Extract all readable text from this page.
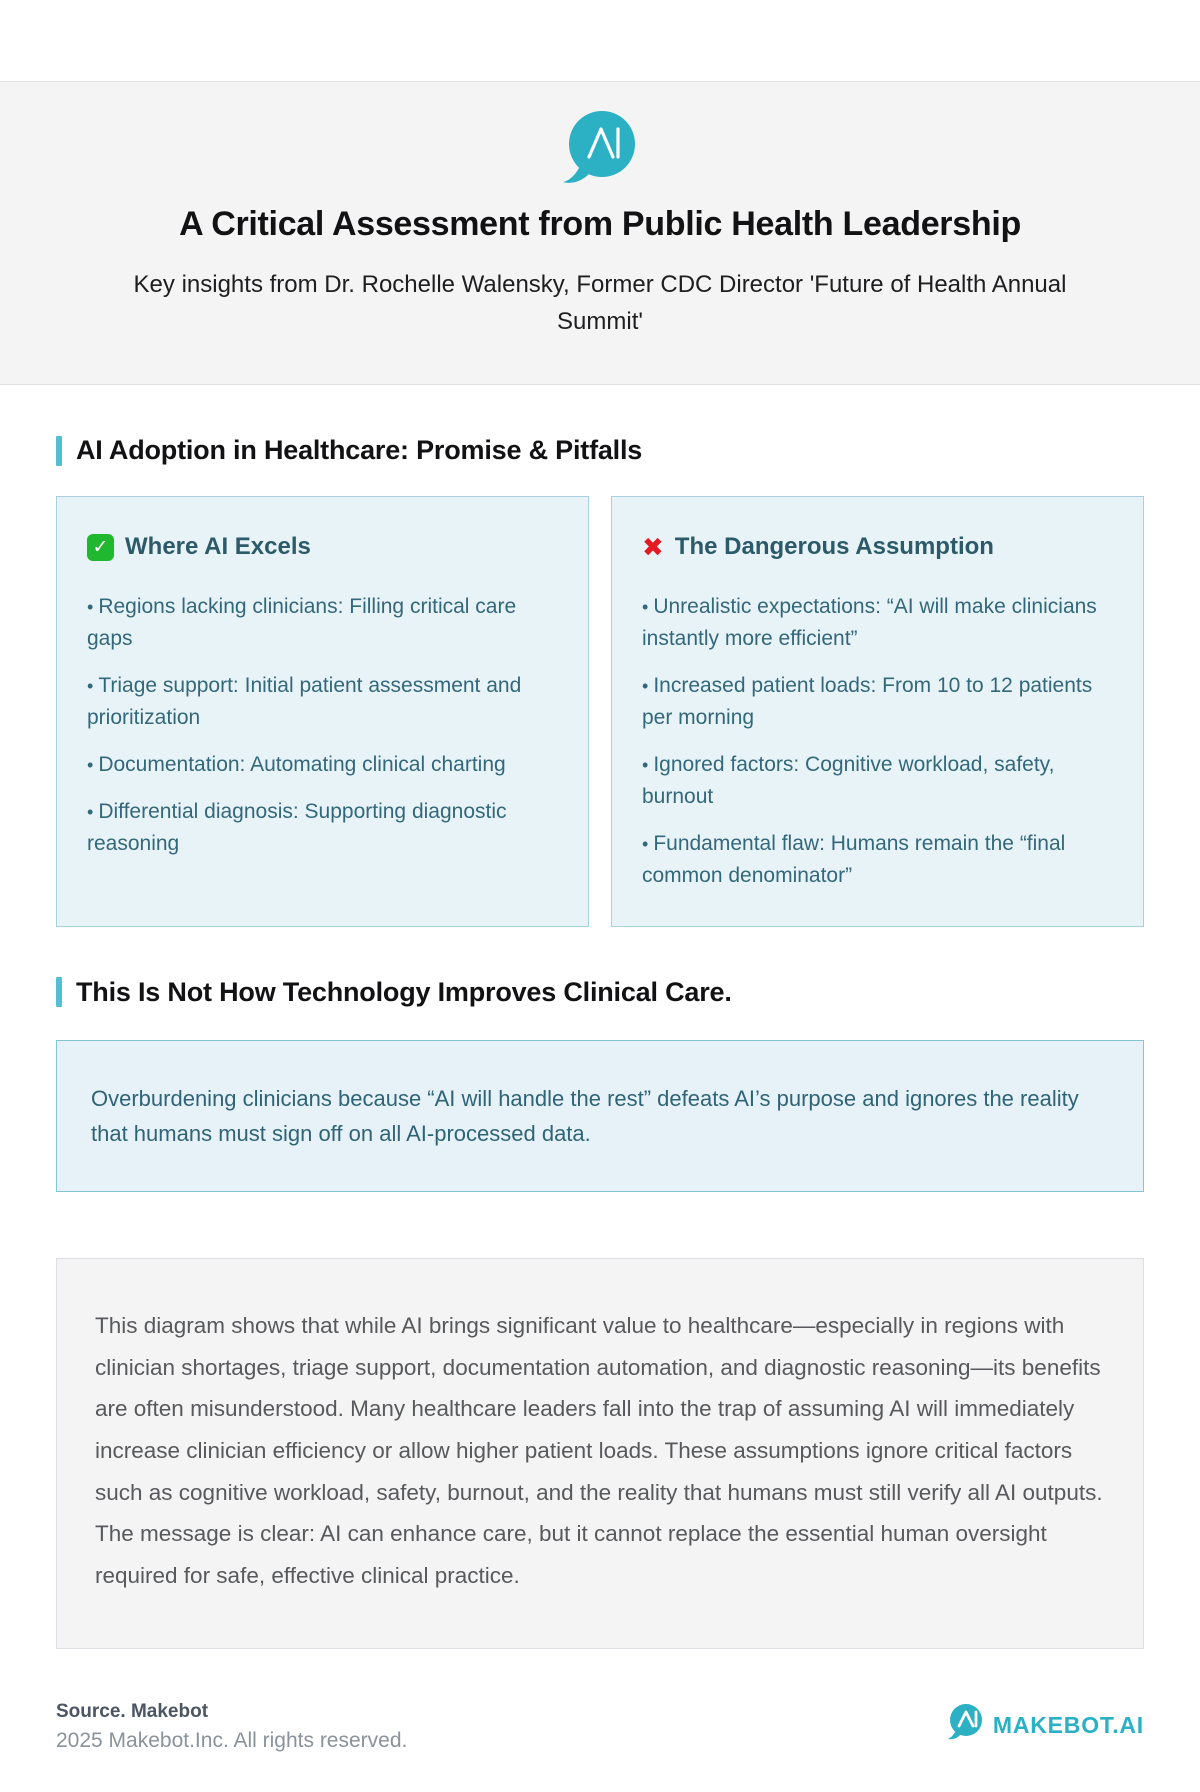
A Critical Assessment from Public Health Leadership

Key insights from Dr. Rochelle Walensky, Former CDC Director 'Future of Health Annual Summit'

AI Adoption in Healthcare: Promise & Pitfalls
✓ Where AI Excels
• Regions lacking clinicians: Filling critical care gaps
• Triage support: Initial patient assessment and prioritization
• Documentation: Automating clinical charting
• Differential diagnosis: Supporting diagnostic reasoning
✖ The Dangerous Assumption
• Unrealistic expectations: “AI will make clinicians instantly more efficient”
• Increased patient loads: From 10 to 12 patients per morning
• Ignored factors: Cognitive workload, safety, burnout
• Fundamental flaw: Humans remain the “final common denominator”
This Is Not How Technology Improves Clinical Care.
Overburdening clinicians because “AI will handle the rest” defeats AI’s purpose and ignores the reality that humans must sign off on all AI-processed data.
This diagram shows that while AI brings significant value to healthcare—especially in regions with clinician shortages, triage support, documentation automation, and diagnostic reasoning—its benefits are often misunderstood. Many healthcare leaders fall into the trap of assuming AI will immediately increase clinician efficiency or allow higher patient loads. These assumptions ignore critical factors such as cognitive workload, safety, burnout, and the reality that humans must still verify all AI outputs. The message is clear: AI can enhance care, but it cannot replace the essential human oversight required for safe, effective clinical practice.
Source. Makebot
2025 Makebot.Inc. All rights reserved.
MAKEBOT.AI
